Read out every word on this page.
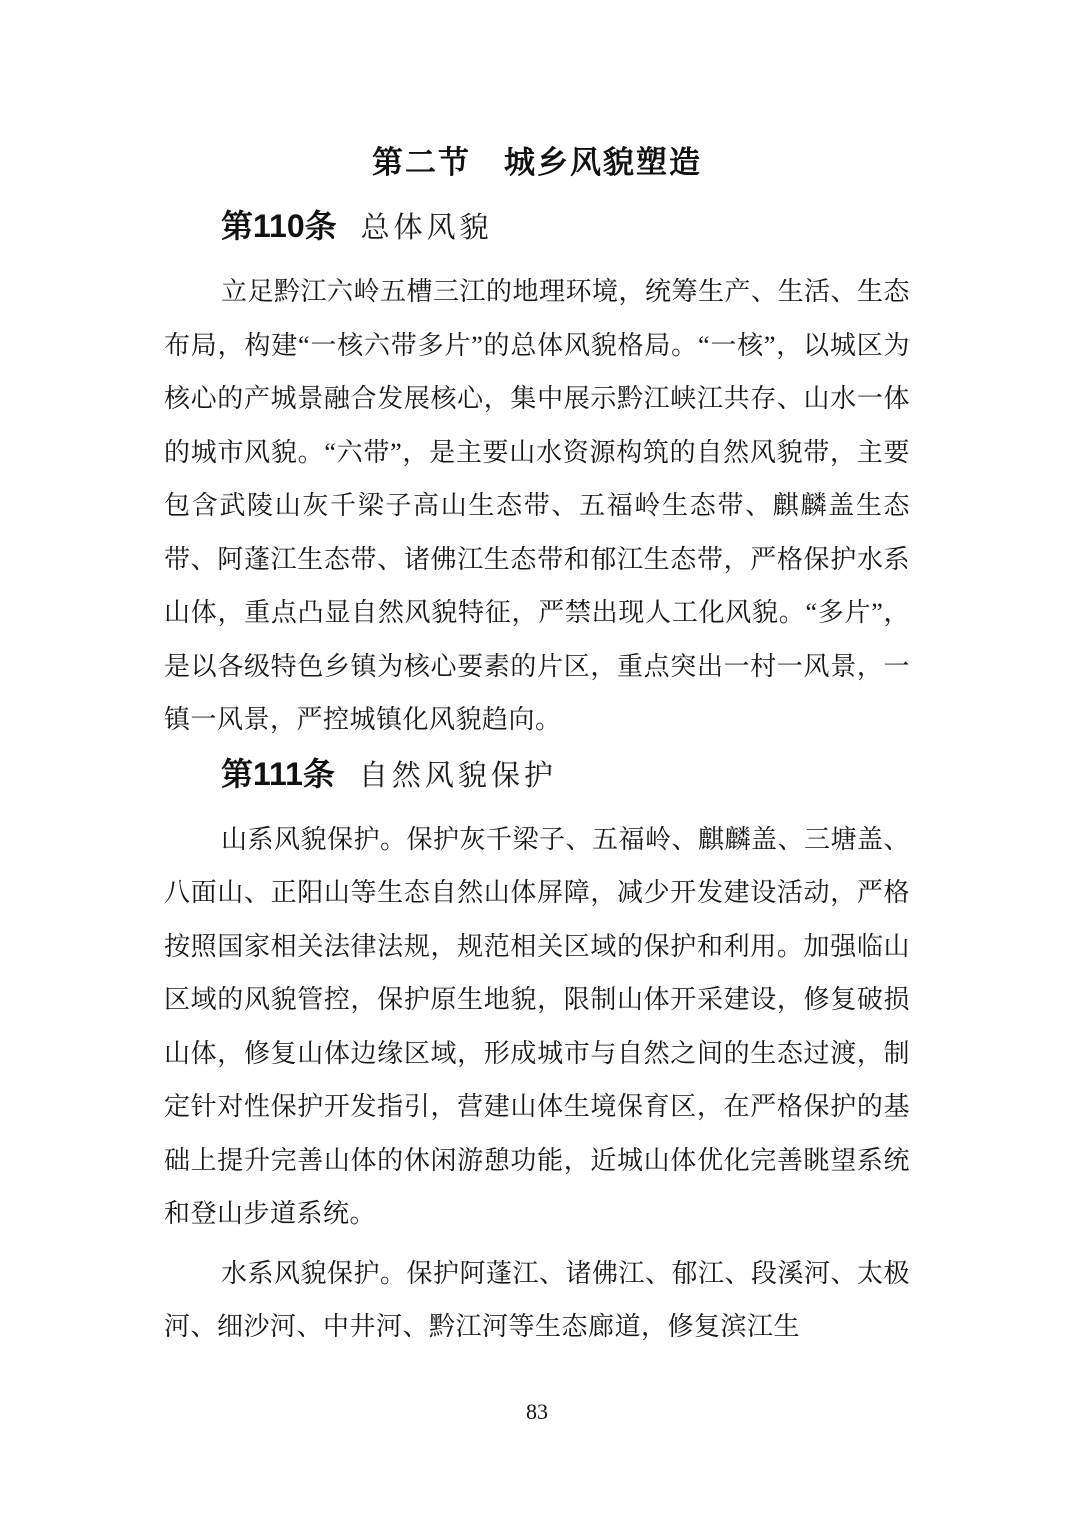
第二节　城乡风貌塑造
第110条 总体风貌

立足黔江六岭五槽三江的地理环境，统筹生产、生活、生态布局，构建“一核六带多片”的总体风貌格局。“一核”，以城区为核心的产城景融合发展核心，集中展示黔江峡江共存、山水一体的城市风貌。“六带”，是主要山水资源构筑的自然风貌带，主要包含武陵山灰千梁子高山生态带、五福岭生态带、麒麟盖生态带、阿蓬江生态带、诸佛江生态带和郁江生态带，严格保护水系山体，重点凸显自然风貌特征，严禁出现人工化风貌。“多片”，是以各级特色乡镇为核心要素的片区，重点突出一村一风景，一镇一风景，严控城镇化风貌趋向。

第111条 自然风貌保护

山系风貌保护。保护灰千梁子、五福岭、麒麟盖、三塘盖、八面山、正阳山等生态自然山体屏障，减少开发建设活动，严格按照国家相关法律法规，规范相关区域的保护和利用。加强临山区域的风貌管控，保护原生地貌，限制山体开采建设，修复破损山体，修复山体边缘区域，形成城市与自然之间的生态过渡，制定针对性保护开发指引，营建山体生境保育区，在严格保护的基础上提升完善山体的休闲游憩功能，近城山体优化完善眺望系统和登山步道系统。

水系风貌保护。保护阿蓬江、诸佛江、郁江、段溪河、太极河、细沙河、中井河、黔江河等生态廊道，修复滨江生

83
